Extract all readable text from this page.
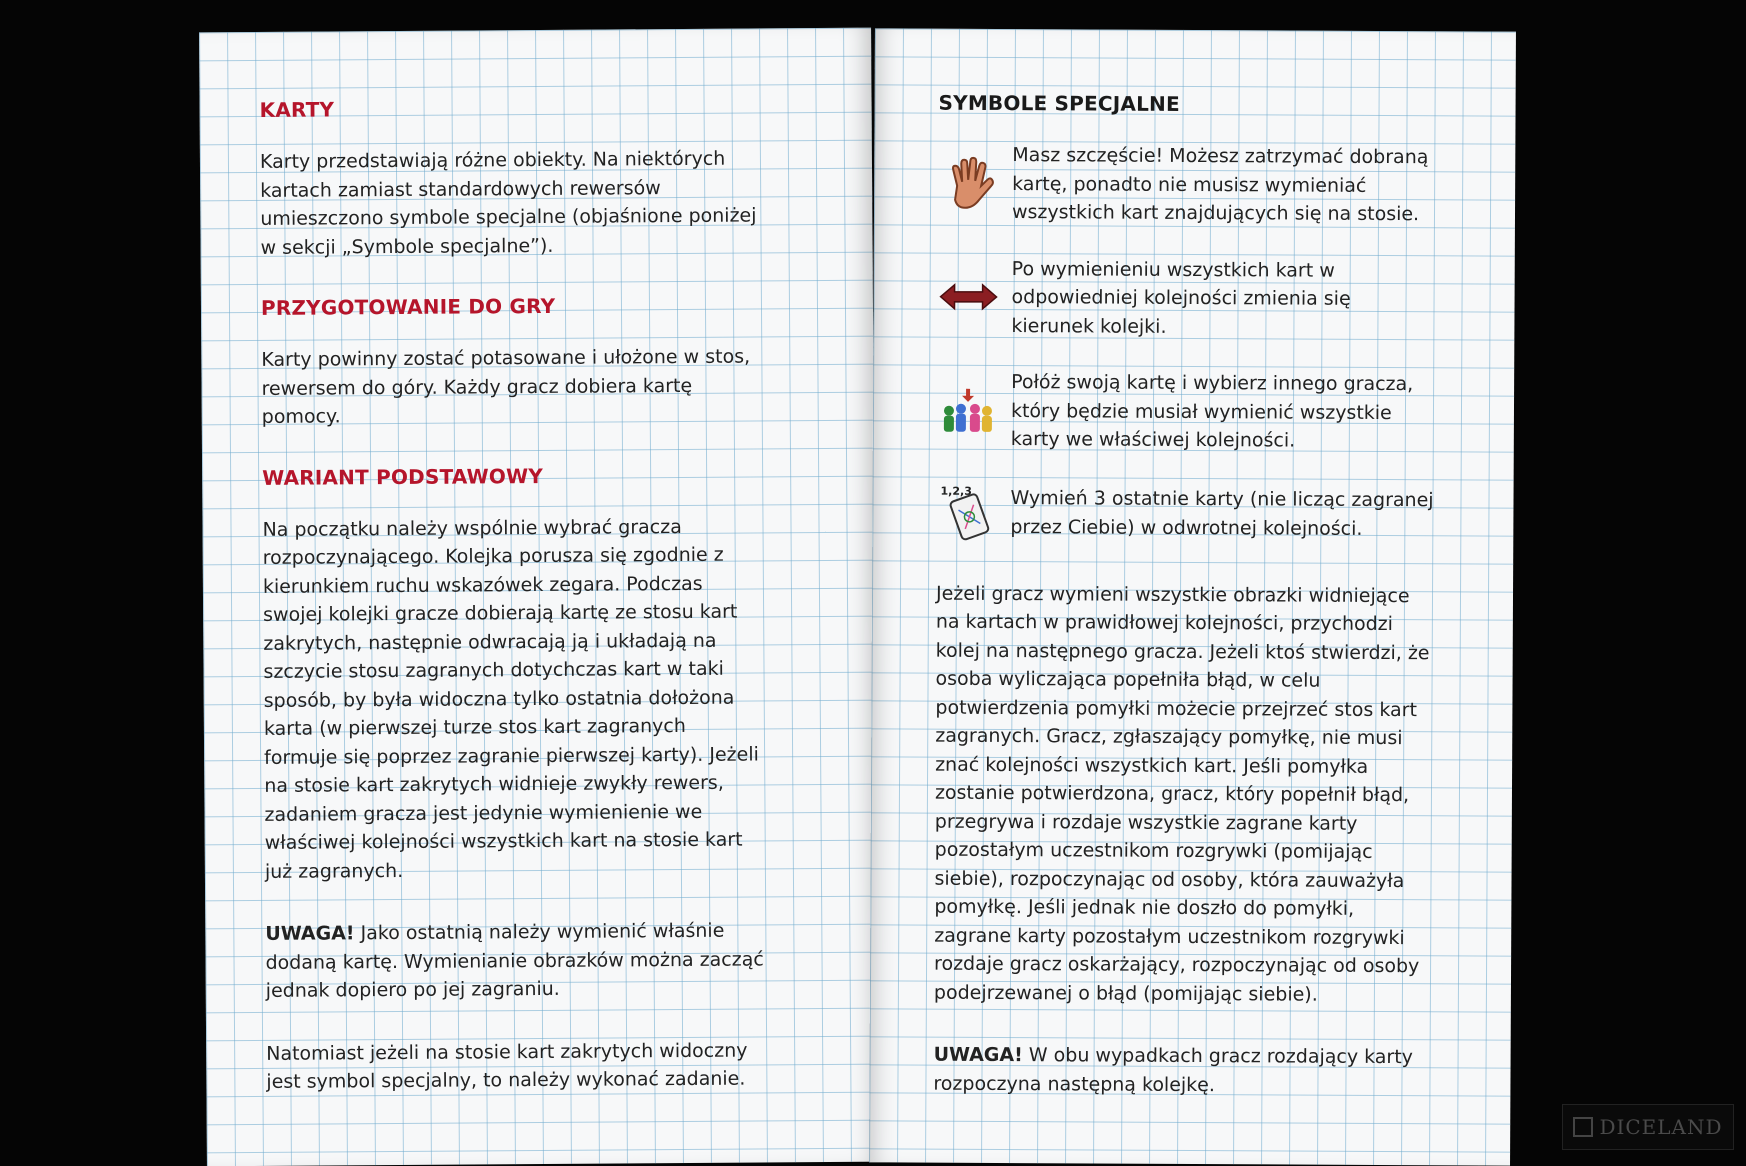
KARTY

Karty przedstawiają różne obiekty. Na niektórych kartach zamiast standardowych rewersów umieszczono symbole specjalne (objaśnione poniżej w sekcji „Symbole specjalne”).

PRZYGOTOWANIE DO GRY

Karty powinny zostać potasowane i ułożone w stos, rewersem do góry. Każdy gracz dobiera kartę pomocy.

WARIANT PODSTAWOWY

Na początku należy wspólnie wybrać gracza rozpoczynającego. Kolejka porusza się zgodnie z kierunkiem ruchu wskazówek zegara. Podczas swojej kolejki gracze dobierają kartę ze stosu kart zakrytych, następnie odwracają ją i układają na szczycie stosu zagranych dotychczas kart w taki sposób, by była widoczna tylko ostatnia dołożona karta (w pierwszej turze stos kart zagranych formuje się poprzez zagranie pierwszej karty). Jeżeli na stosie kart zakrytych widnieje zwykły rewers, zadaniem gracza jest jedynie wymienienie we właściwej kolejności wszystkich kart na stosie kart już zagranych.

UWAGA! Jako ostatnią należy wymienić właśnie dodaną kartę. Wymienianie obrazków można zacząć jednak dopiero po jej zagraniu.

Natomiast jeżeli na stosie kart zakrytych widoczny jest symbol specjalny, to należy wykonać zadanie.

SYMBOLE SPECJALNE

Masz szczęście! Możesz zatrzymać dobraną kartę, ponadto nie musisz wymieniać wszystkich kart znajdujących się na stosie.

Po wymienieniu wszystkich kart w odpowiedniej kolejności zmienia się kierunek kolejki.

Połóż swoją kartę i wybierz innego gracza, który będzie musiał wymienić wszystkie karty we właściwej kolejności.

1,2,3 Wymień 3 ostatnie karty (nie licząc zagranej przez Ciebie) w odwrotnej kolejności.

Jeżeli gracz wymieni wszystkie obrazki widniejące na kartach w prawidłowej kolejności, przychodzi kolej na następnego gracza. Jeżeli ktoś stwierdzi, że osoba wyliczająca popełniła błąd, w celu potwierdzenia pomyłki możecie przejrzeć stos kart zagranych. Gracz, zgłaszający pomyłkę, nie musi znać kolejności wszystkich kart. Jeśli pomyłka zostanie potwierdzona, gracz, który popełnił błąd, przegrywa i rozdaje wszystkie zagrane karty pozostałym uczestnikom rozgrywki (pomijając siebie), rozpoczynając od osoby, która zauważyła pomyłkę. Jeśli jednak nie doszło do pomyłki, zagrane karty pozostałym uczestnikom rozgrywki rozdaje gracz oskarżający, rozpoczynając od osoby podejrzewanej o błąd (pomijając siebie).

UWAGA! W obu wypadkach gracz rozdający karty rozpoczyna następną kolejkę.

DICELAND
